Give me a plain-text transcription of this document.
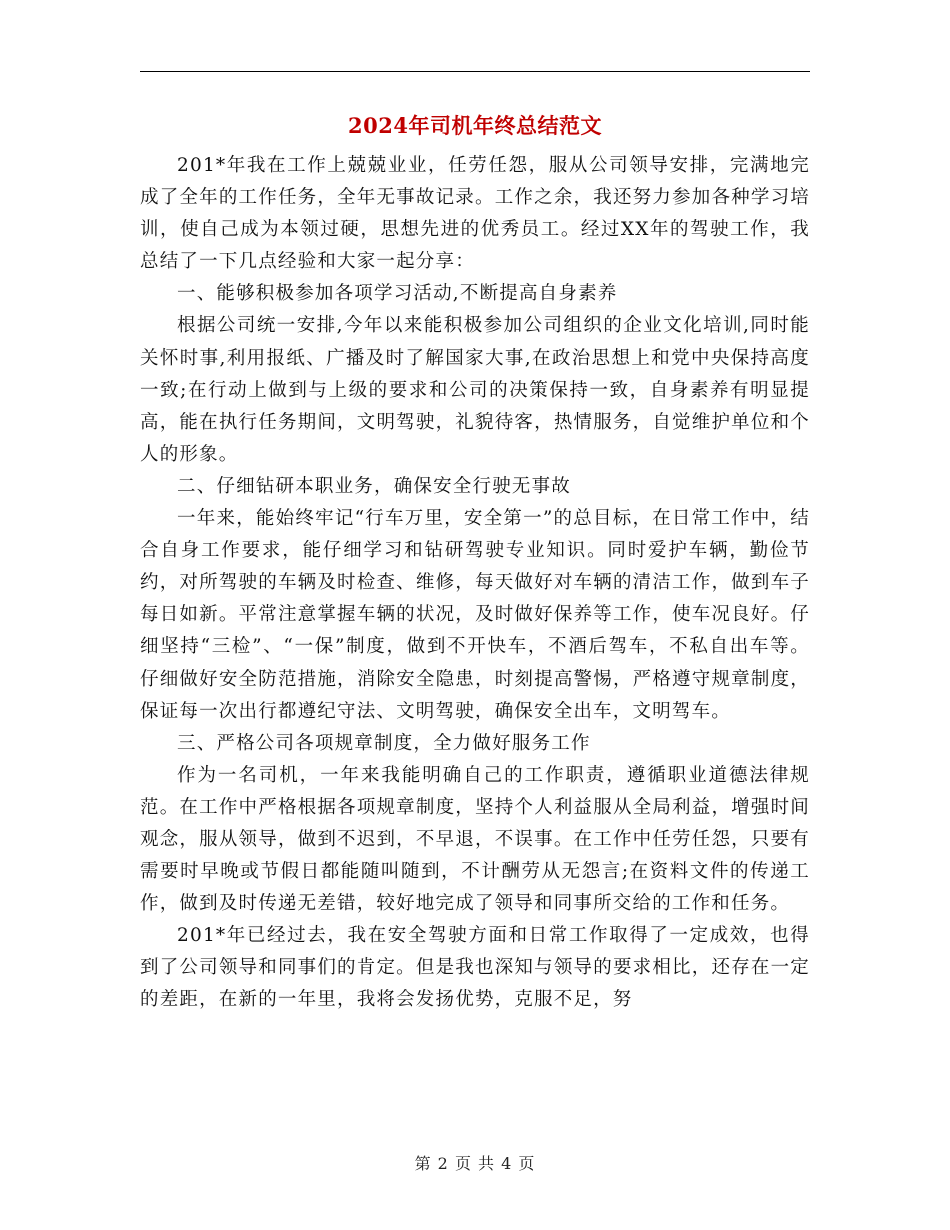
2024年司机年终总结范文

201*年我在工作上兢兢业业，任劳任怨，服从公司领导安排，完满地完成了全年的工作任务，全年无事故记录。工作之余，我还努力参加各种学习培训，使自己成为本领过硬，思想先进的优秀员工。经过XX年的驾驶工作，我总结了一下几点经验和大家一起分享：

一、能够积极参加各项学习活动,不断提高自身素养

根据公司统一安排,今年以来能积极参加公司组织的企业文化培训,同时能关怀时事,利用报纸、广播及时了解国家大事,在政治思想上和党中央保持高度一致;在行动上做到与上级的要求和公司的决策保持一致，自身素养有明显提高，能在执行任务期间，文明驾驶，礼貌待客，热情服务，自觉维护单位和个人的形象。

二、仔细钻研本职业务，确保安全行驶无事故

一年来，能始终牢记“行车万里，安全第一”的总目标，在日常工作中，结合自身工作要求，能仔细学习和钻研驾驶专业知识。同时爱护车辆，勤俭节约，对所驾驶的车辆及时检查、维修，每天做好对车辆的清洁工作，做到车子每日如新。平常注意掌握车辆的状况，及时做好保养等工作，使车况良好。仔细坚持“三检”、“一保”制度，做到不开快车，不酒后驾车，不私自出车等。仔细做好安全防范措施，消除安全隐患，时刻提高警惕，严格遵守规章制度，保证每一次出行都遵纪守法、文明驾驶，确保安全出车，文明驾车。

三、严格公司各项规章制度，全力做好服务工作

作为一名司机，一年来我能明确自己的工作职责，遵循职业道德法律规范。在工作中严格根据各项规章制度，坚持个人利益服从全局利益，增强时间观念，服从领导，做到不迟到，不早退，不误事。在工作中任劳任怨，只要有需要时早晚或节假日都能随叫随到，不计酬劳从无怨言;在资料文件的传递工作，做到及时传递无差错，较好地完成了领导和同事所交给的工作和任务。

201*年已经过去，我在安全驾驶方面和日常工作取得了一定成效，也得到了公司领导和同事们的肯定。但是我也深知与领导的要求相比，还存在一定的差距，在新的一年里，我将会发扬优势，克服不足，努

第 2 页 共 4 页
